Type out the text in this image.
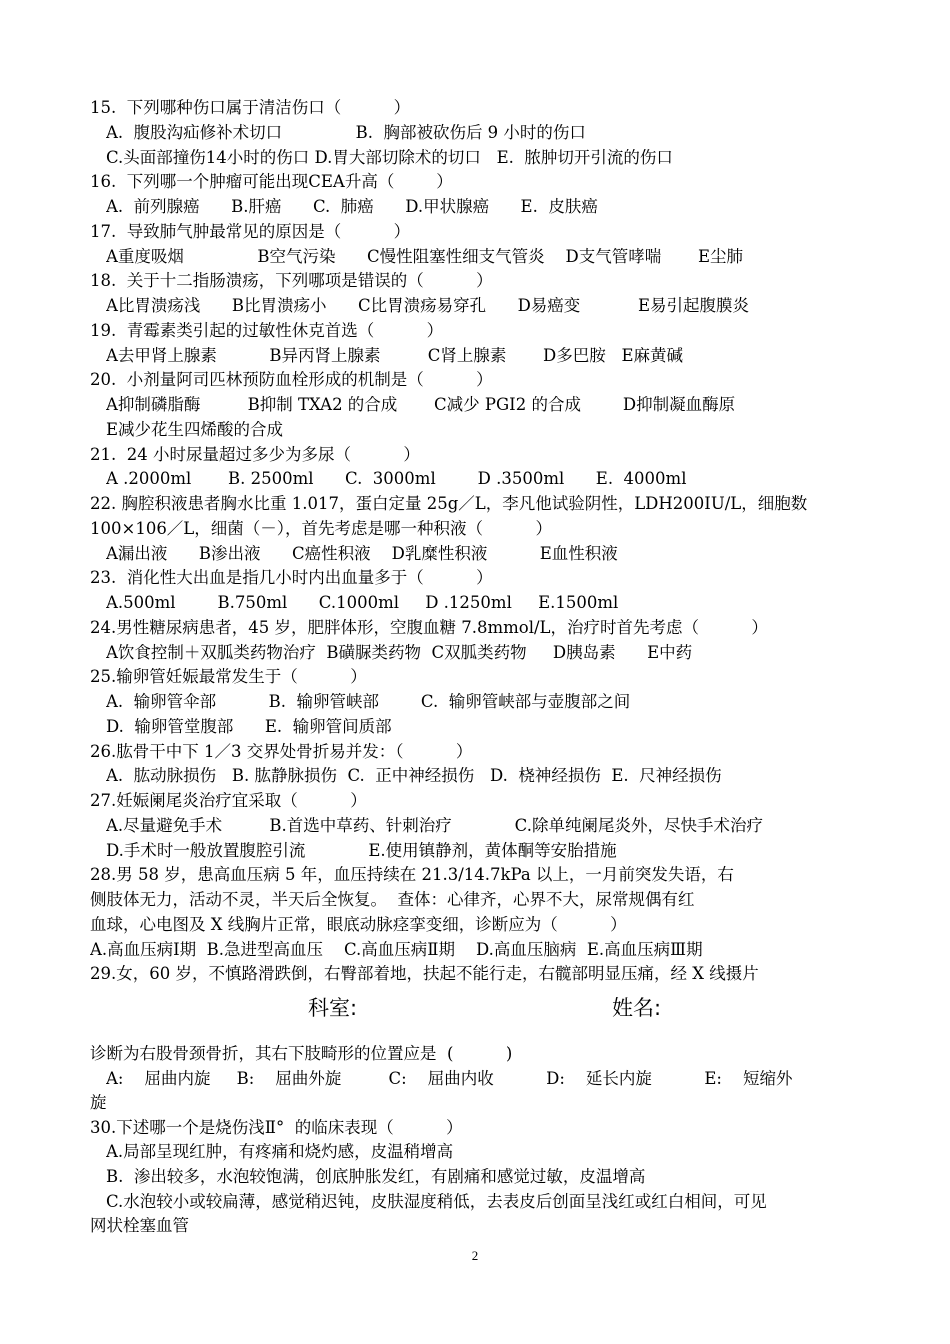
15.  下列哪种伤口属于清洁伤口（          ）
A.  腹股沟疝修补术切口              B.  胸部被砍伤后 9 小时的伤口
C.头面部撞伤14小时的伤口 D.胃大部切除术的切口   E.  脓肿切开引流的伤口
16.  下列哪一个肿瘤可能出现CEA升高（        ）
A.  前列腺癌      B.肝癌      C.  肺癌      D.甲状腺癌      E.  皮肤癌
17.  导致肺气肿最常见的原因是（          ）
A重度吸烟              B空气污染      C慢性阻塞性细支气管炎    D支气管哮喘       E尘肺
18.  关于十二指肠溃疡，下列哪项是错误的（          ）
A比胃溃疡浅      B比胃溃疡小      C比胃溃疡易穿孔      D易癌变           E易引起腹膜炎
19.  青霉素类引起的过敏性休克首选（          ）
A去甲肾上腺素          B异丙肾上腺素         C肾上腺素       D多巴胺   E麻黄碱
20.  小剂量阿司匹林预防血栓形成的机制是（          ）
A抑制磷脂酶         B抑制 TXA2 的合成       C减少 PGI2 的合成        D抑制凝血酶原
E减少花生四烯酸的合成
21.  24 小时尿量超过多少为多尿（          ）
A .2000ml       B. 2500ml      C.  3000ml        D .3500ml      E.  4000ml
22. 胸腔积液患者胸水比重 1.017，蛋白定量 25g／L，李凡他试验阴性，LDH200IU/L，细胞数
100×106／L，细菌（－），首先考虑是哪一种积液（          ）
A漏出液      B渗出液      C癌性积液    D乳糜性积液          E血性积液
23.  消化性大出血是指几小时内出血量多于（          ）
A.500ml        B.750ml      C.1000ml     D .1250ml     E.1500ml
24.男性糖尿病患者，45 岁，肥胖体形，空腹血糖 7.8mmol/L，治疗时首先考虑（          ）
A饮食控制＋双胍类药物治疗  B磺脲类药物  C双胍类药物     D胰岛素      E中药
25.输卵管妊娠最常发生于（          ）
A.  输卵管伞部          B.  输卵管峡部        C.  输卵管峡部与壶腹部之间
D.  输卵管堂腹部      E.  输卵管间质部
26.肱骨干中下 1／3 交界处骨折易并发：（          ）
A.  肱动脉损伤   B. 肱静脉损伤  C.  正中神经损伤   D.  桡神经损伤  E.  尺神经损伤
27.妊娠阑尾炎治疗宜采取（          ）
A.尽量避免手术         B.首选中草药、针刺治疗            C.除单纯阑尾炎外，尽快手术治疗
D.手术时一般放置腹腔引流            E.使用镇静剂，黄体酮等安胎措施
28.男 58 岁，患高血压病 5 年，血压持续在 21.3/14.7kPa 以上，一月前突发失语，右
侧肢体无力，活动不灵，半天后全恢复。  查体：心律齐，心界不大，尿常规偶有红
血球，心电图及 X 线胸片正常，眼底动脉痉挛变细，诊断应为（          ）
A.高血压病Ⅰ期  B.急进型高血压    C.高血压病Ⅱ期    D.高血压脑病  E.高血压病Ⅲ期
29.女，60 岁，不慎路滑跌倒，右臀部着地，扶起不能行走，右髋部明显压痛，经 X 线摄片
科室:	姓名:
诊断为右股骨颈骨折，其右下肢畸形的位置应是  (          )
A:    屈曲内旋     B:    屈曲外旋         C:    屈曲内收          D:    延长内旋          E:    短缩外
旋
30.下述哪一个是烧伤浅Ⅱ°  的临床表现（          ）
A.局部呈现红肿，有疼痛和烧灼感，皮温稍增高
B.  渗出较多，水泡较饱满，创底肿胀发红，有剧痛和感觉过敏，皮温增高
C.水泡较小或较扁薄，感觉稍迟钝，皮肤湿度稍低，去表皮后创面呈浅红或红白相间，可见
网状栓塞血管
2
